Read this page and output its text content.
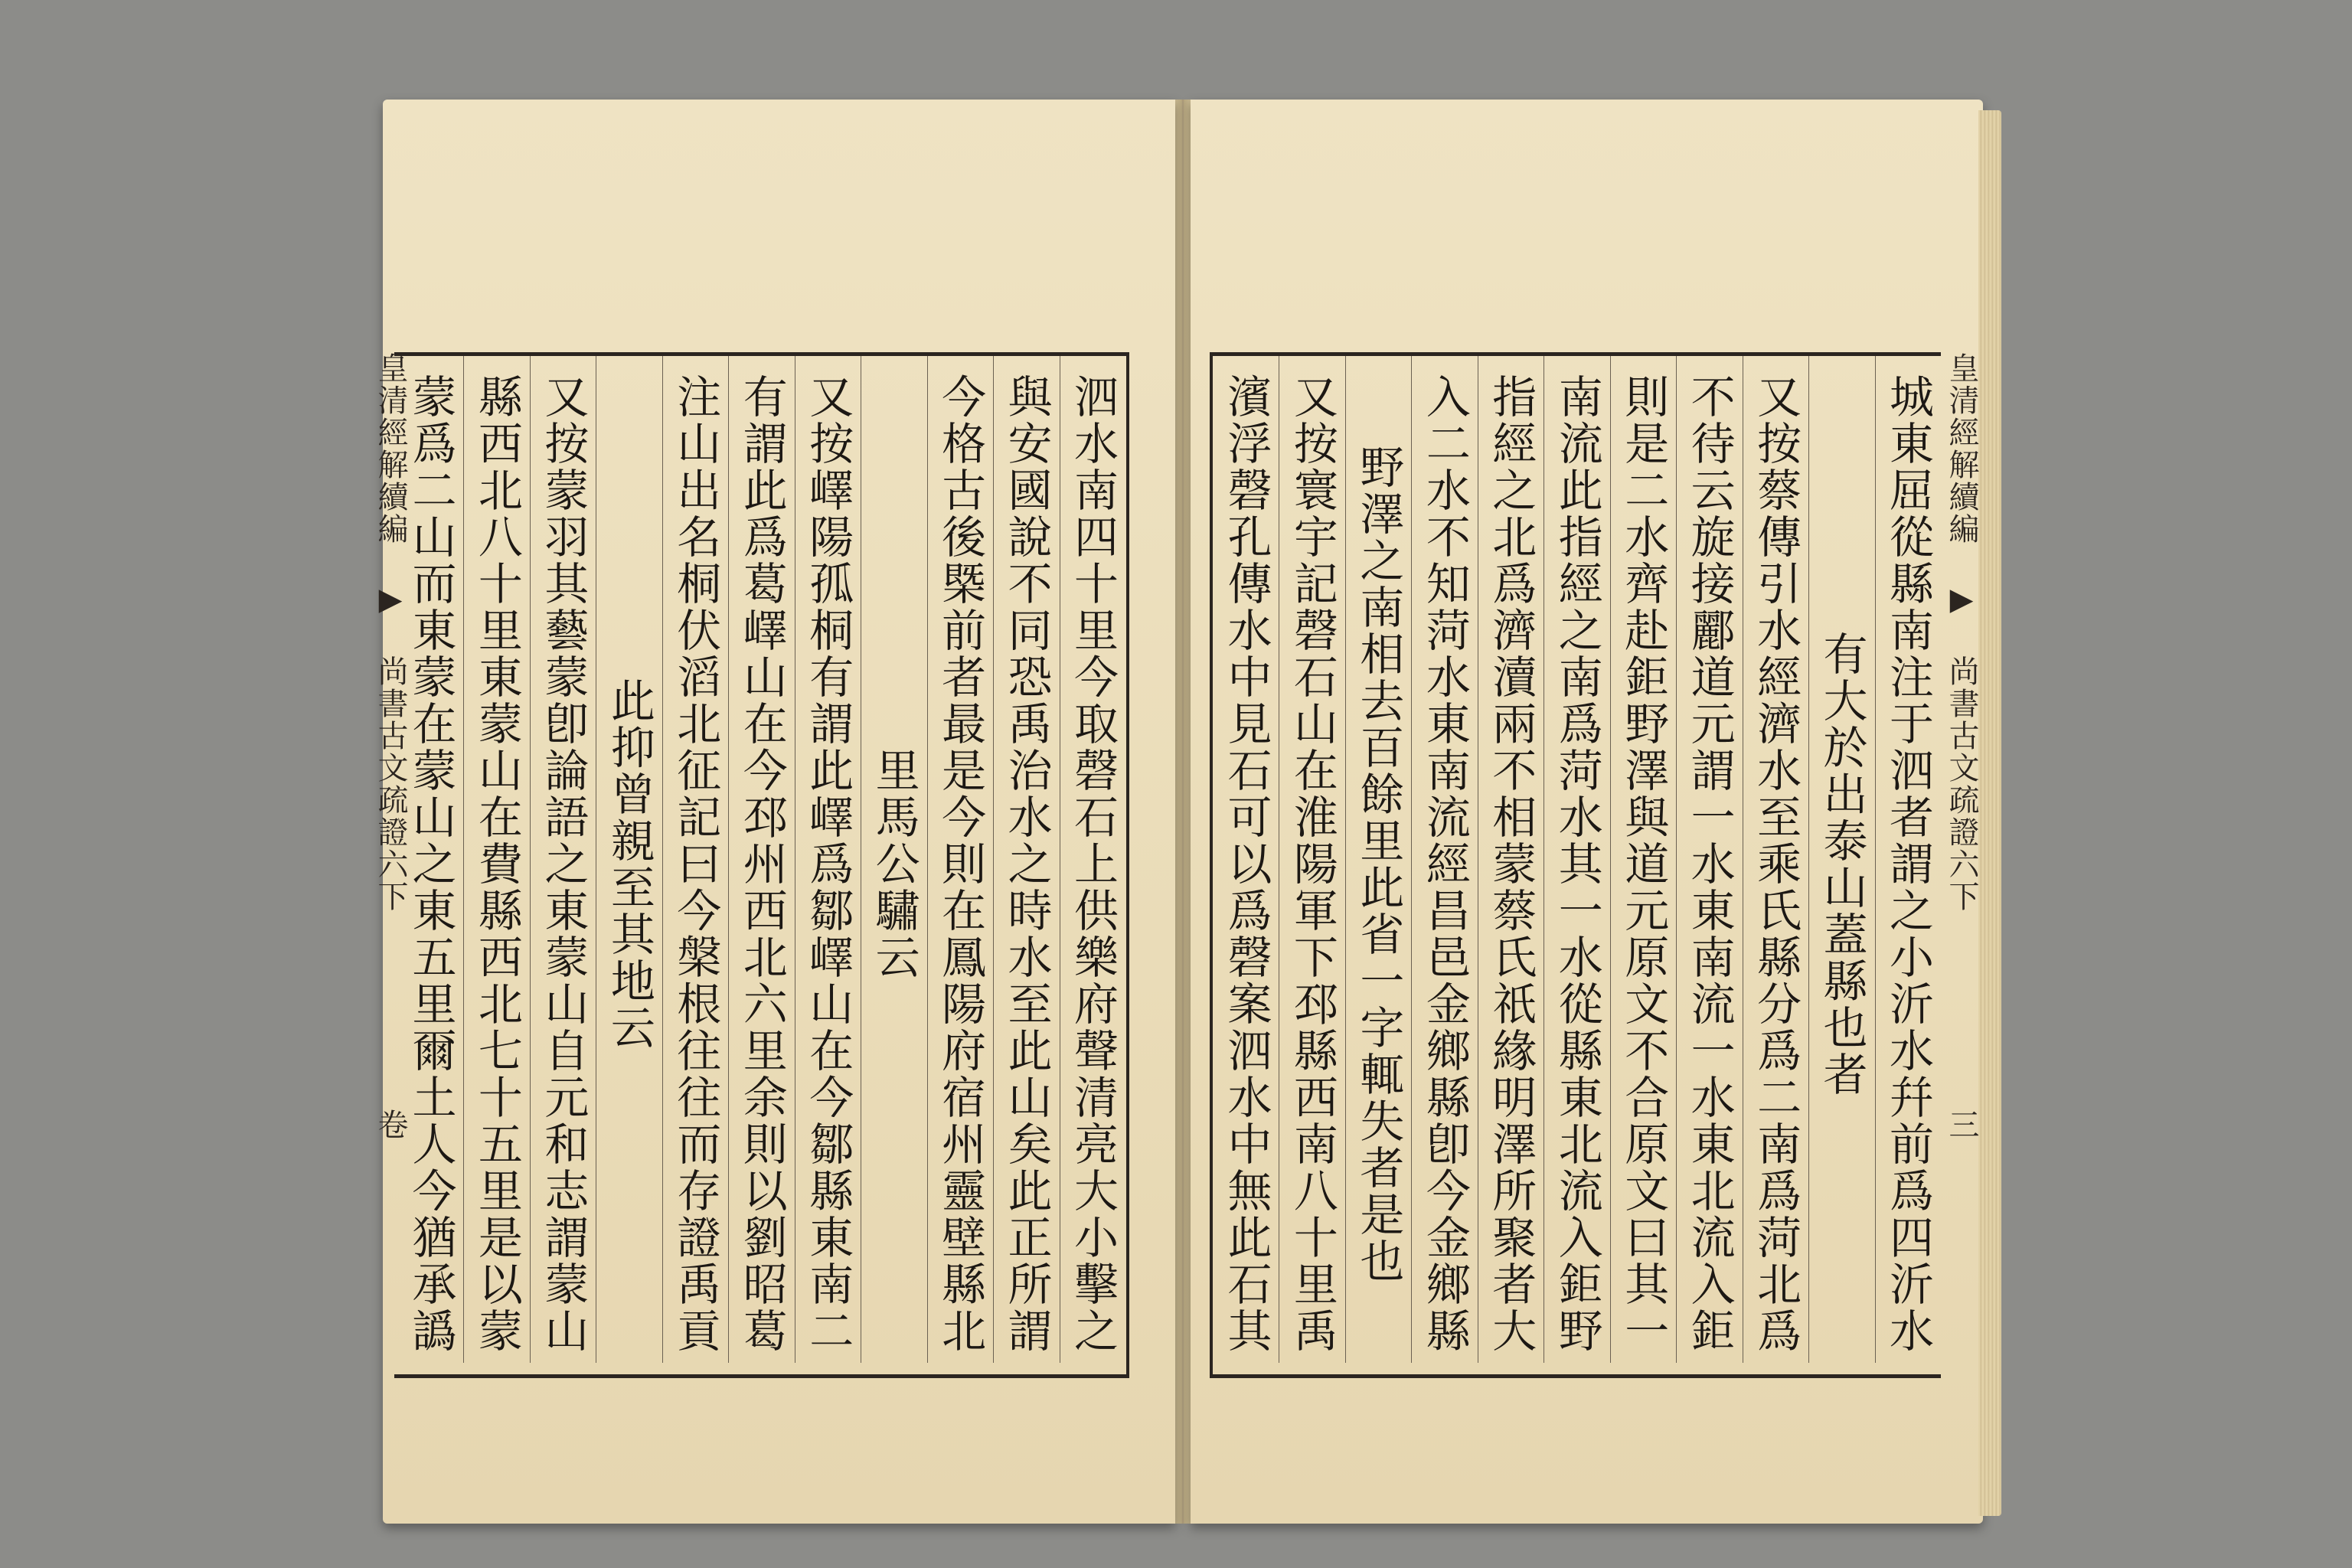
皇清經解續編 ▶ 尚書古文疏證六下  卷
泗水南四十里今取磬石上供樂府聲清亮大小擊之
與安國說不同恐禹治水之時水至此山矣此正所謂
今格古後槩前者最是今則在鳳陽府宿州靈壁縣北
里馬公驌云
又按嶧陽孤桐有謂此嶧爲鄒嶧山在今鄒縣東南二
有謂此爲葛嶧山在今邳州西北六里余則以劉昭葛
注山出名桐伏滔北征記曰今槃根往往而存證禹貢
此抑曾親至其地云
又按蒙羽其藝蒙卽論語之東蒙山自元和志謂蒙山
縣西北八十里東蒙山在費縣西北七十五里是以蒙
蒙爲二山而東蒙在蒙山之東五里爾土人今猶承譌
皇清經解續編 ▶ 尚書古文疏證六下  三
城東屈從縣南注于泗者謂之小沂水幷前爲四沂水
有大於出泰山蓋縣也者
又按蔡傳引水經濟水至乘氏縣分爲二南爲菏北爲
不待云旋接酈道元謂一水東南流一水東北流入鉅
則是二水齊赴鉅野澤與道元原文不合原文曰其一
南流此指經之南爲菏水其一水從縣東北流入鉅野
指經之北爲濟瀆兩不相蒙蔡氏祇緣明澤所聚者大
入二水不知菏水東南流經昌邑金鄉縣卽今金鄉縣
野澤之南相去百餘里此省一字輒失者是也
又按寰宇記磬石山在淮陽軍下邳縣西南八十里禹
濱浮磬孔傳水中見石可以爲磬案泗水中無此石其
